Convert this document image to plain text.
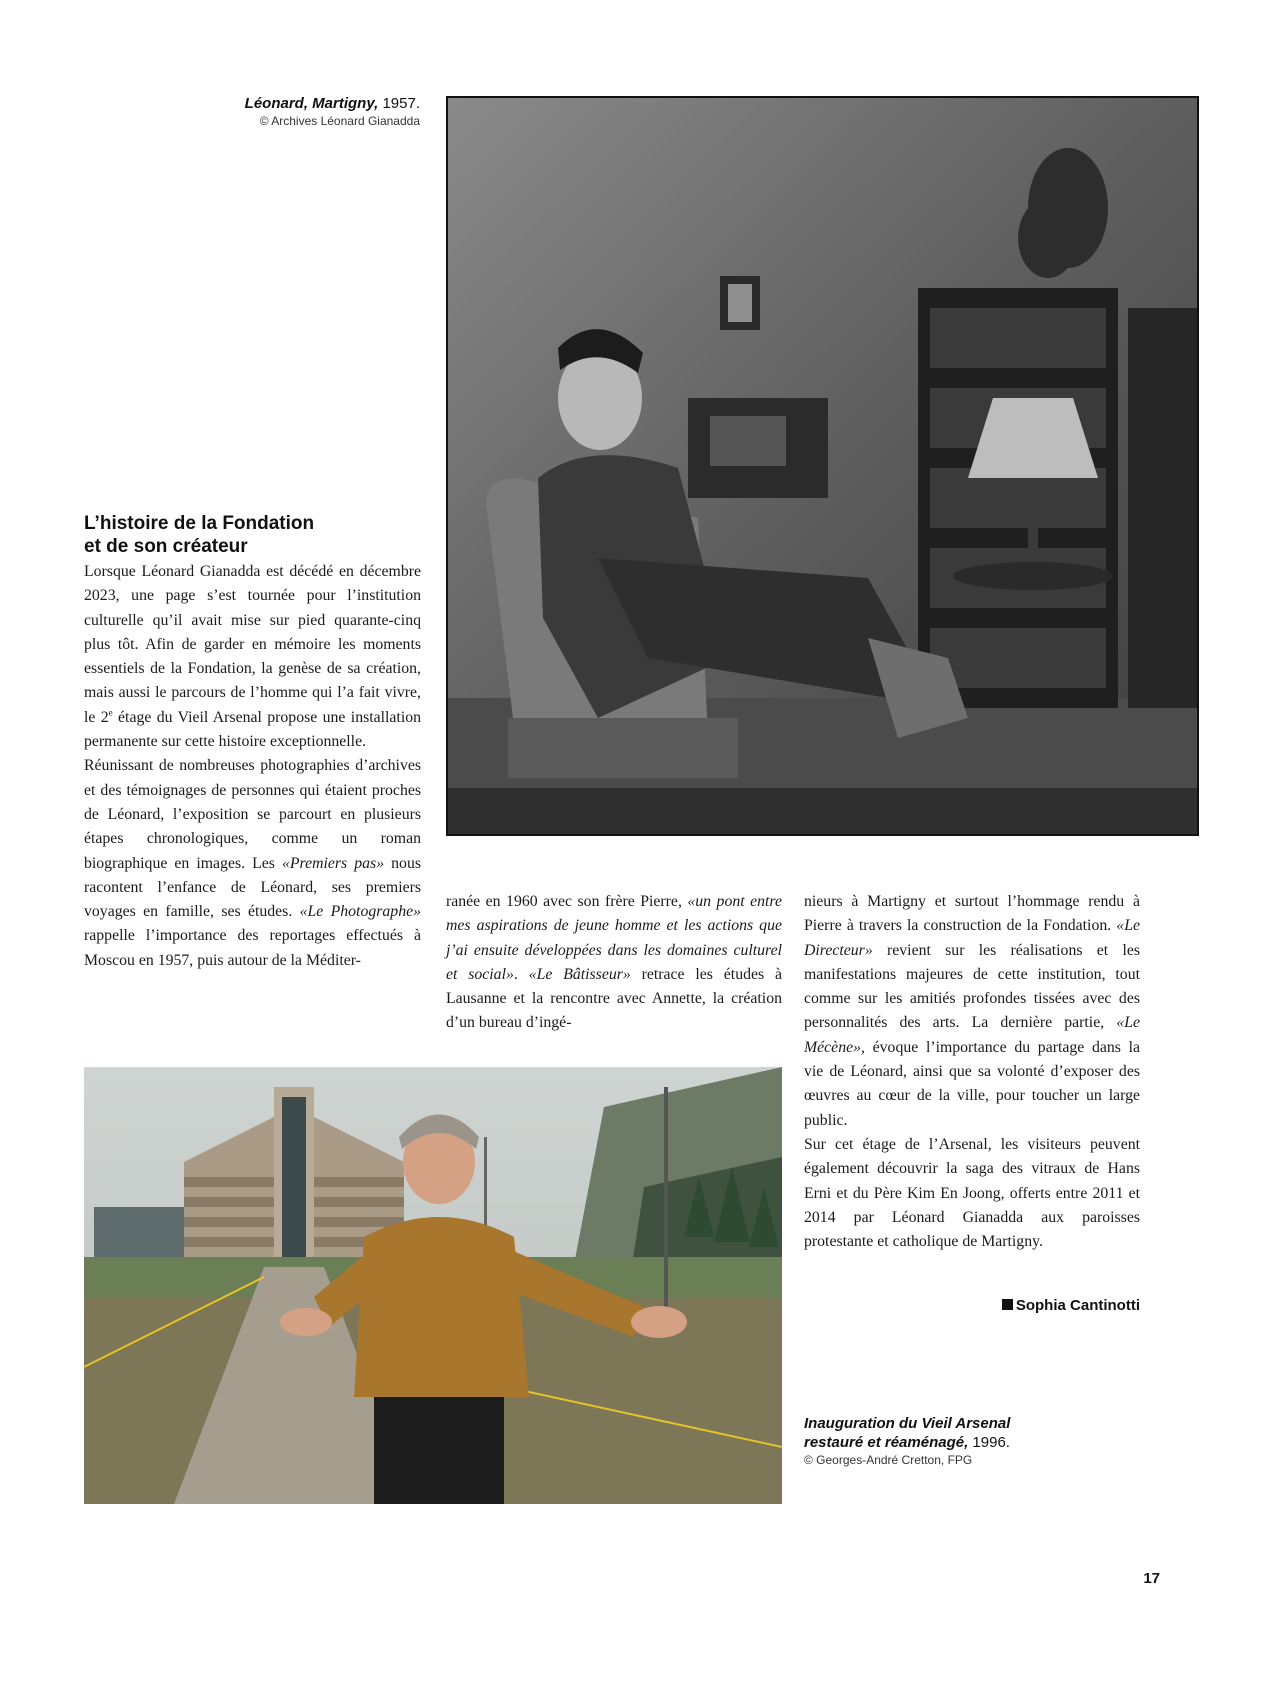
Léonard, Martigny, 1957.
© Archives Léonard Gianadda
L’histoire de la Fondation
et de son créateur

Lorsque Léonard Gianadda est décédé en décembre 2023, une page s’est tournée pour l’institution culturelle qu’il avait mise sur pied quarante-cinq plus tôt. Afin de garder en mémoire les moments essentiels de la Fondation, la genèse de sa création, mais aussi le parcours de l’homme qui l’a fait vivre, le 2e étage du Vieil Arsenal propose une installation permanente sur cette histoire exceptionnelle.

Réunissant de nombreuses photographies d’archives et des témoignages de personnes qui étaient proches de Léonard, l’exposition se parcourt en plusieurs étapes chronologiques, comme un roman biographique en images. Les «Premiers pas» nous racontent l’enfance de Léonard, ses premiers voyages en famille, ses études. «Le Photographe» rappelle l’importance des reportages effectués à Moscou en 1957, puis autour de la Méditer-

ranée en 1960 avec son frère Pierre, «un pont entre mes aspirations de jeune homme et les actions que j’ai ensuite développées dans les domaines culturel et social». «Le Bâtisseur» retrace les études à Lausanne et la rencontre avec Annette, la création d’un bureau d’ingé-

nieurs à Martigny et surtout l’hommage rendu à Pierre à travers la construction de la Fondation. «Le Directeur» revient sur les réalisations et les manifestations majeures de cette institution, tout comme sur les amitiés profondes tissées avec des personnalités des arts. La dernière partie, «Le Mécène», évoque l’importance du partage dans la vie de Léonard, ainsi que sa volonté d’exposer des œuvres au cœur de la ville, pour toucher un large public.

Sur cet étage de l’Arsenal, les visiteurs peuvent également découvrir la saga des vitraux de Hans Erni et du Père Kim En Joong, offerts entre 2011 et 2014 par Léonard Gianadda aux paroisses protestante et catholique de Martigny.

Sophia Cantinotti
Inauguration du Vieil Arsenal
restauré et réaménagé, 1996.
© Georges-André Cretton, FPG
17
